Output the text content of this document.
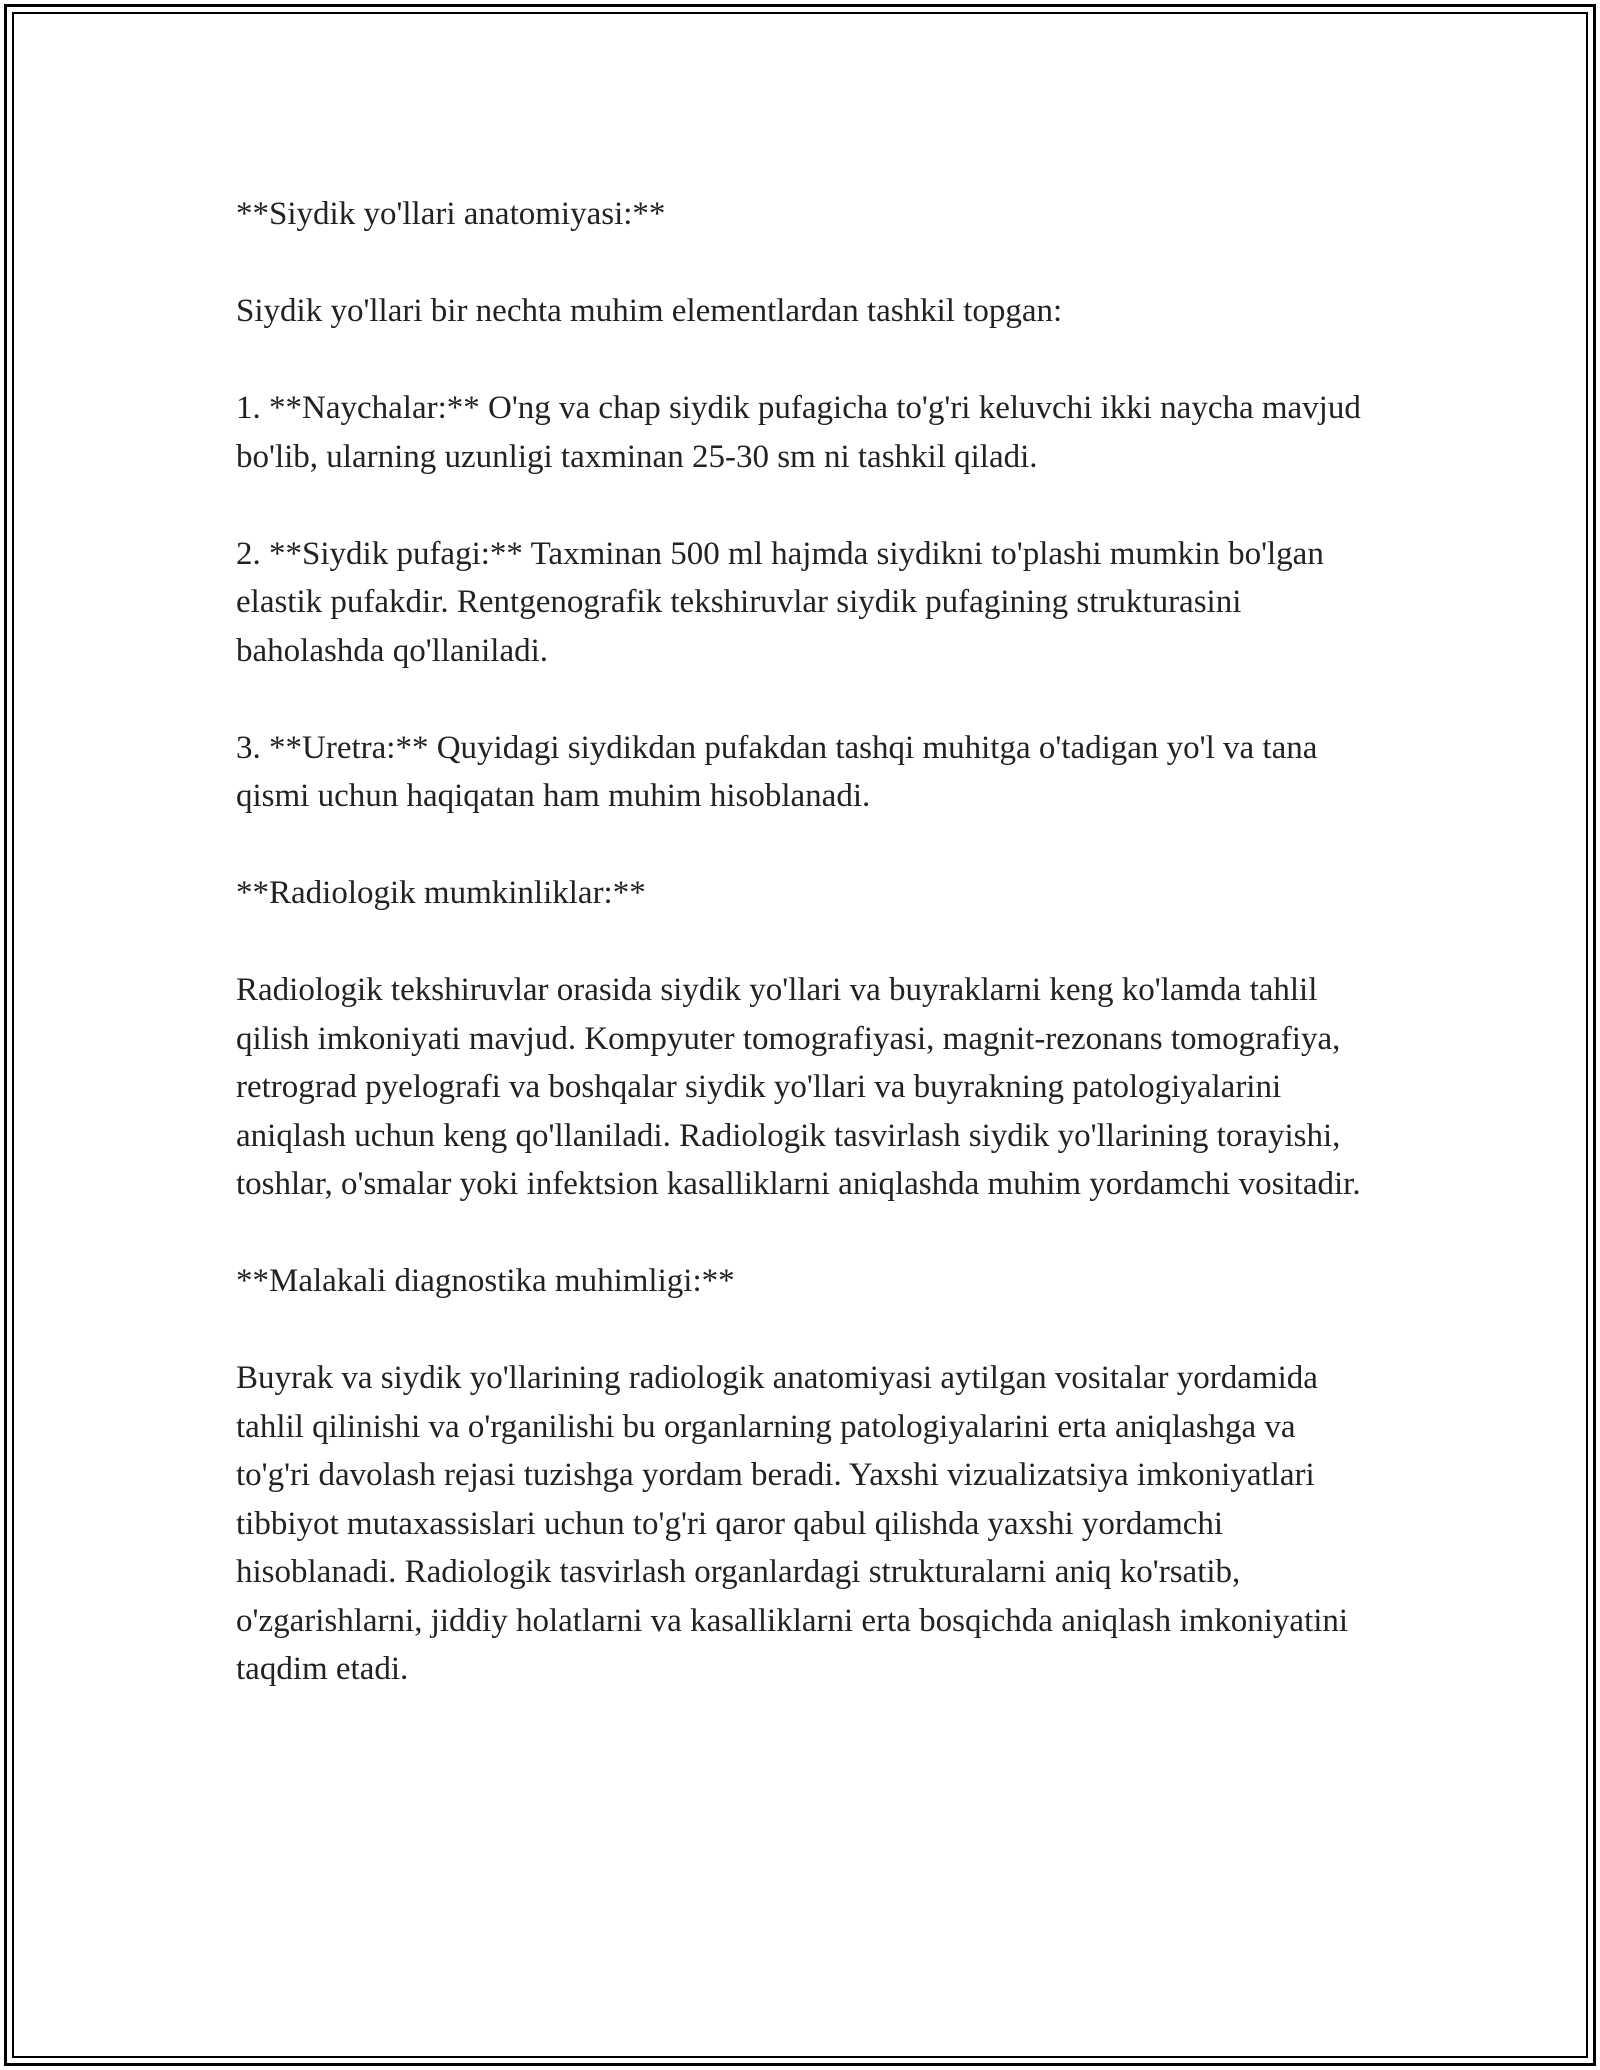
**Siydik yo'llari anatomiyasi:**

Siydik yo'llari bir nechta muhim elementlardan tashkil topgan:

1. **Naychalar:** O'ng va chap siydik pufagicha to'g'ri keluvchi ikki naycha mavjud bo'lib, ularning uzunligi taxminan 25-30 sm ni tashkil qiladi.

2. **Siydik pufagi:** Taxminan 500 ml hajmda siydikni to'plashi mumkin bo'lgan elastik pufakdir. Rentgenografik tekshiruvlar siydik pufagining strukturasini baholashda qo'llaniladi.

3. **Uretra:** Quyidagi siydikdan pufakdan tashqi muhitga o'tadigan yo'l va tana qismi uchun haqiqatan ham muhim hisoblanadi.

**Radiologik mumkinliklar:**

Radiologik tekshiruvlar orasida siydik yo'llari va buyraklarni keng ko'lamda tahlil qilish imkoniyati mavjud. Kompyuter tomografiyasi, magnit-rezonans tomografiya, retrograd pyelografi va boshqalar siydik yo'llari va buyrakning patologiyalarini aniqlash uchun keng qo'llaniladi. Radiologik tasvirlash siydik yo'llarining torayishi, toshlar, o'smalar yoki infektsion kasalliklarni aniqlashda muhim yordamchi vositadir.

**Malakali diagnostika muhimligi:**

Buyrak va siydik yo'llarining radiologik anatomiyasi aytilgan vositalar yordamida tahlil qilinishi va o'rganilishi bu organlarning patologiyalarini erta aniqlashga va to'g'ri davolash rejasi tuzishga yordam beradi. Yaxshi vizualizatsiya imkoniyatlari tibbiyot mutaxassislari uchun to'g'ri qaror qabul qilishda yaxshi yordamchi hisoblanadi. Radiologik tasvirlash organlardagi strukturalarni aniq ko'rsatib, o'zgarishlarni, jiddiy holatlarni va kasalliklarni erta bosqichda aniqlash imkoniyatini taqdim etadi.
